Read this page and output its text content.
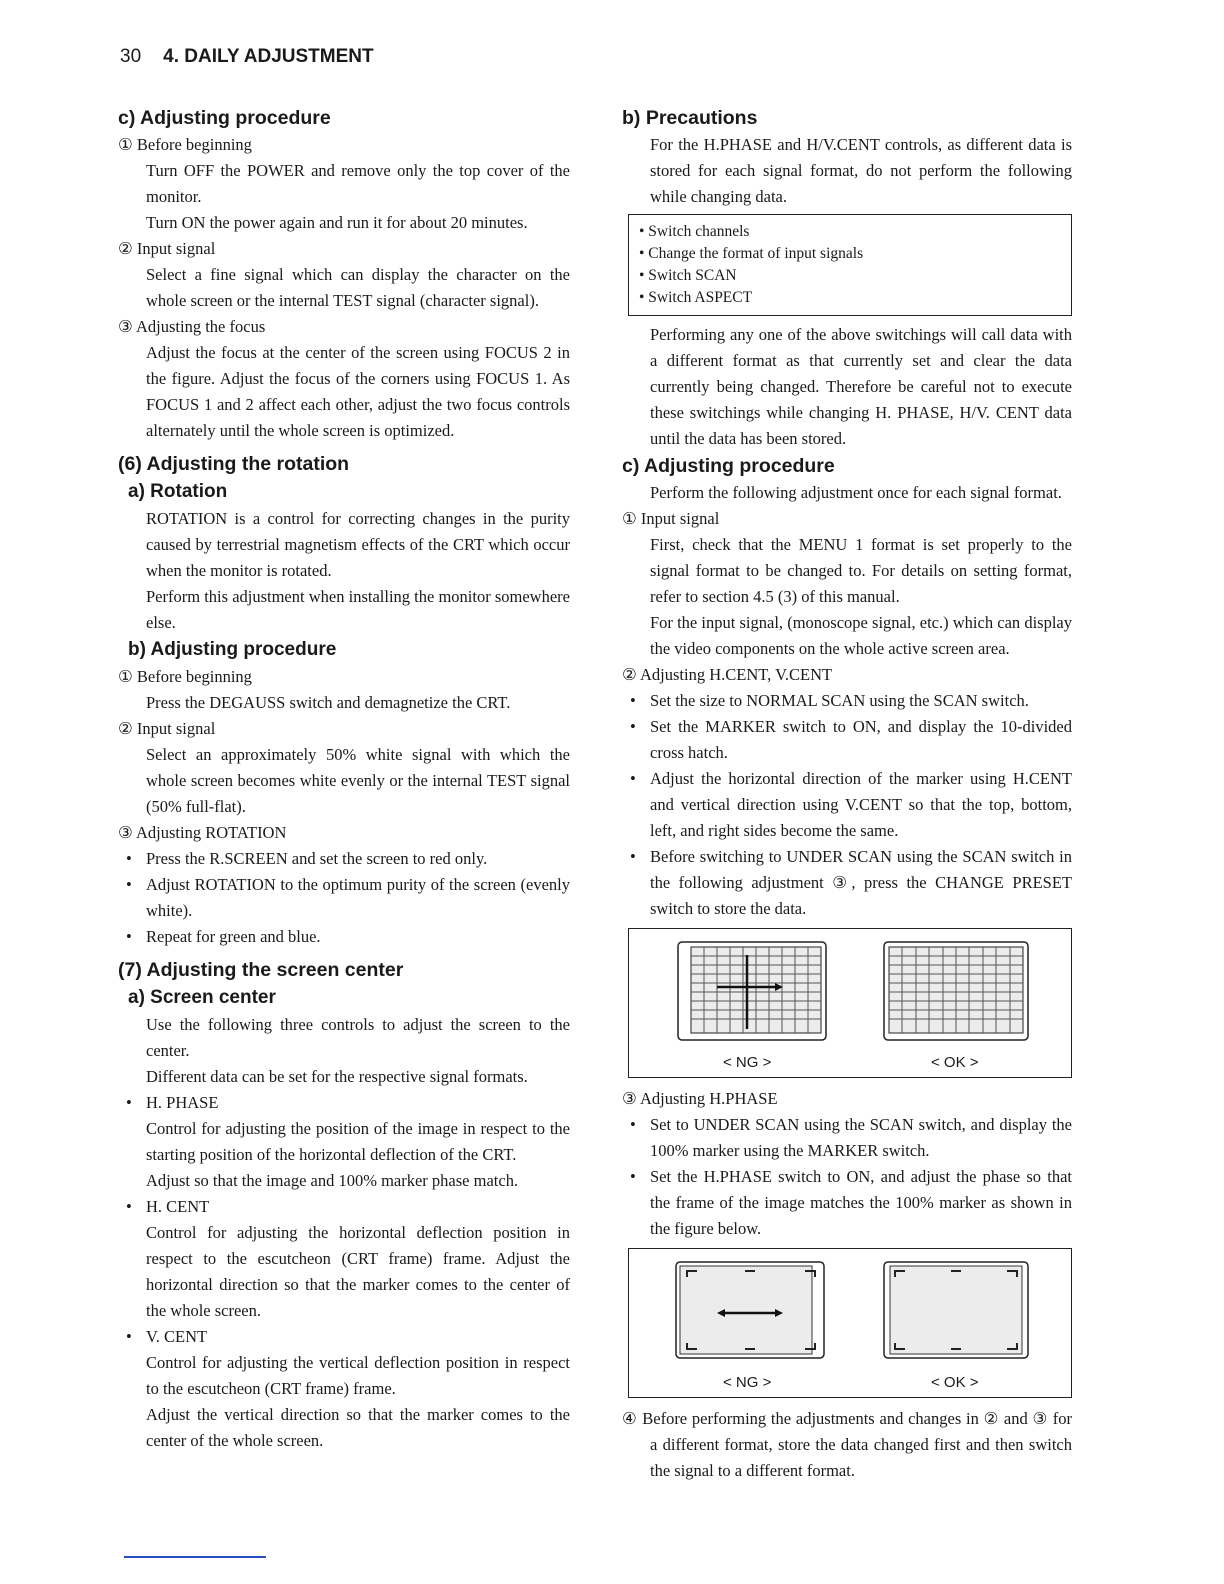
30 4. DAILY ADJUSTMENT
c) Adjusting procedure

① Before beginning

Turn OFF the POWER and remove only the top cover of the monitor.

Turn ON the power again and run it for about 20 minutes.

② Input signal

Select a fine signal which can display the character on the whole screen or the internal TEST signal (character signal).

③ Adjusting the focus

Adjust the focus at the center of the screen using FOCUS 2 in the figure. Adjust the focus of the corners using FOCUS 1. As FOCUS 1 and 2 affect each other, adjust the two focus controls alternately until the whole screen is optimized.

(6) Adjusting the rotation
a) Rotation

ROTATION is a control for correcting changes in the purity caused by terrestrial magnetism effects of the CRT which occur when the monitor is rotated.

Perform this adjustment when installing the monitor somewhere else.

b) Adjusting procedure

① Before beginning

Press the DEGAUSS switch and demagnetize the CRT.

② Input signal

Select an approximately 50% white signal with which the whole screen becomes white evenly or the internal TEST signal (50% full-flat).

③ Adjusting ROTATION

• Press the R.SCREEN and set the screen to red only.

• Adjust ROTATION to the optimum purity of the screen (evenly white).

• Repeat for green and blue.

(7) Adjusting the screen center
a) Screen center

Use the following three controls to adjust the screen to the center.

Different data can be set for the respective signal formats.

• H. PHASE

Control for adjusting the position of the image in respect to the starting position of the horizontal deflection of the CRT.

Adjust so that the image and 100% marker phase match.

• H. CENT

Control for adjusting the horizontal deflection position in respect to the escutcheon (CRT frame) frame. Adjust the horizontal direction so that the marker comes to the center of the whole screen.

• V. CENT

Control for adjusting the vertical deflection position in respect to the escutcheon (CRT frame) frame.

Adjust the vertical direction so that the marker comes to the center of the whole screen.

b) Precautions

For the H.PHASE and H/V.CENT controls, as different data is stored for each signal format, do not perform the following while changing data.

• Switch channels
• Change the format of input signals
• Switch SCAN
• Switch ASPECT

Performing any one of the above switchings will call data with a different format as that currently set and clear the data currently being changed. Therefore be careful not to execute these switchings while changing H. PHASE, H/V. CENT data until the data has been stored.

c) Adjusting procedure

Perform the following adjustment once for each signal format.

① Input signal

First, check that the MENU 1 format is set properly to the signal format to be changed to. For details on setting format, refer to section 4.5 (3) of this manual.

For the input signal, (monoscope signal, etc.) which can display the video components on the whole active screen area.

② Adjusting H.CENT, V.CENT

• Set the size to NORMAL SCAN using the SCAN switch.

• Set the MARKER switch to ON, and display the 10-divided cross hatch.

• Adjust the horizontal direction of the marker using H.CENT and vertical direction using V.CENT so that the top, bottom, left, and right sides become the same.

• Before switching to UNDER SCAN using the SCAN switch in the following adjustment ③, press the CHANGE PRESET switch to store the data.

< NG >	< OK >

③ Adjusting H.PHASE

• Set to UNDER SCAN using the SCAN switch, and display the 100% marker using the MARKER switch.

• Set the H.PHASE switch to ON, and adjust the phase so that the frame of the image matches the 100% marker as shown in the figure below.

< NG >	< OK >

④ Before performing the adjustments and changes in ② and ③ for a different format, store the data changed first and then switch the signal to a different format.
